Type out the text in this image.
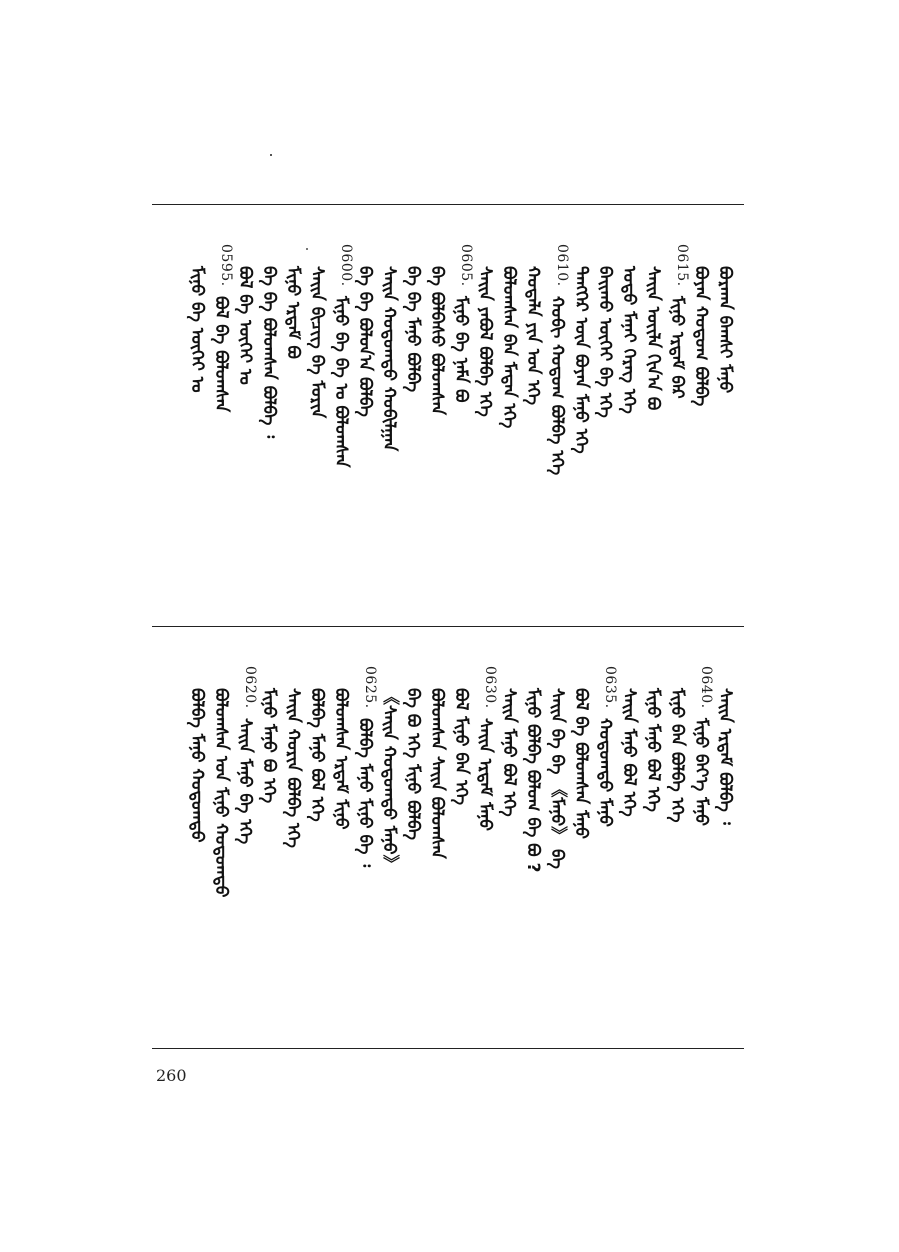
ᠪᠤᠷᠬᠠᠨ ᠪᠠᠭᠰᠢ ᠮᠠᠨᠤ
ᠪᠤᠶᠠᠨ ᠬᠤᠲᠤᠭ ᠪᠣᠯᠪᠠ
0615.
ᠮᠢᠨᠤ ᠡᠷᠳᠡᠮ ᠪᠡᠷ
ᠰᠠᠢᠨ ᠦᠢᠯᠡ ᠬᠢᠨ᠎ᠠ ᠪᠤ
ᠣᠳᠣ ᠮᠠᠨᠠᠢ ᠬᠡᠷᠡᠭ ᠡᠭᠡ
ᠪᠠᠢᠬᠤ ᠦᠭᠡᠢ ᠪᠡ ᠡᠭᠡ
ᠲᠡᠩᠭᠡᠷ ᠦᠨ ᠪᠤᠶᠠᠨ ᠮᠠᠨᠤ ᠡᠭᠡ
0610.
ᠬᠣᠪᠢ ᠬᠤᠲᠤᠭ ᠪᠣᠯᠪᠠ ᠡᠭᠡ
ᠬᠣᠲᠠᠯᠠ ᠶᠢᠨ ᠤᠨ ᠡᠭᠡ
ᠪᠣᠯᠤᠭᠰᠠᠨ ᠪᠠᠨ ᠮᠡᠳᠡᠨ ᠡᠭᠡ
ᠰᠠᠢᠨ ᠶᠠᠪᠤᠯ ᠪᠣᠯᠪᠠ ᠡᠭᠡ
0605.
ᠮᠢᠨᠤ ᠪᠡ ᠨᠠᠮᠠ ᠪᠣ
ᠪᠡ ᠪᠣᠯᠪᠠᠰᠤ ᠪᠣᠯᠤᠭᠰᠠᠨ
ᠪᠡ ᠪᠡ ᠮᠠᠨᠤ ᠪᠣᠯᠪᠠ
ᠰᠠᠢᠨ ᠬᠤᠲᠤᠭᠲᠤ ᠬᠤᠪᠢᠯᠭᠠᠨ
ᠪᠡ ᠪᠡ ᠪᠣᠯᠤᠨ᠎ᠠ ᠪᠣᠯᠪᠠ
0600.
ᠮᠢᠨᠤ ᠪᠡ ᠪᠡ ᠤ ᠪᠣᠯᠤᠭᠰᠠᠨ
ᠰᠠᠢᠨ ᠪᠢᠴᠢᠭ ᠪᠡ ᠮᠣᠷᠢᠨ
ᠮᠢᠨᠤ ᠡᠷᠳᠡᠮ ᠪᠣ
ᠪᠡ ᠪᠡ ᠪᠣᠯᠤᠭᠰᠠᠨ ᠪᠣᠯᠪᠠ ᠄
ᠪᠣᠯ ᠪᠡ ᠦᠭᠡᠢ ᠤ
0595.
ᠪᠣᠯ ᠪᠡ ᠪᠣᠯᠤᠭᠰᠠᠨ
ᠮᠢᠨᠤ ᠪᠡ ᠦᠭᠡᠢ ᠤ
ᠰᠠᠢᠨ ᠡᠷᠳᠡᠮ ᠪᠣᠯᠪᠠ ᠄
0640.
ᠮᠢᠨᠤ ᠪᠡᠶ᠎ᠡ ᠮᠠᠨᠤ
ᠮᠢᠨᠤ ᠪᠡᠨ ᠪᠣᠯᠪᠠ ᠡᠭᠡ
ᠮᠢᠨᠤ ᠮᠠᠨᠤ ᠪᠣᠯ ᠡᠭᠡ
ᠰᠠᠢᠨ ᠮᠠᠨᠤ ᠪᠣᠯ ᠡᠭᠡ
0635.
ᠬᠤᠲᠤᠭᠲᠤ ᠮᠠᠨᠤ
ᠪᠣᠯ ᠪᠡ ᠪᠣᠯᠤᠭᠰᠠᠨ ᠮᠠᠨᠤ
ᠰᠠᠢᠨ ᠪᠡ ᠪᠡ 《ᠮᠠᠨᠤ》 ᠪᠡ
ᠮᠢᠨᠤ ᠪᠣᠯᠪᠠ ᠪᠣᠯᠤᠭ ᠪᠡ ᠪᠣ ?
ᠰᠠᠢᠨ ᠮᠠᠨᠤ ᠪᠣᠯ ᠡᠭᠡ
0630.
ᠰᠠᠢᠨ ᠡᠷᠳᠡᠮ ᠮᠠᠨᠤ
ᠪᠣᠯ ᠮᠢᠨᠤ ᠪᠡᠨ ᠡᠭᠡ
ᠪᠣᠯᠤᠭᠰᠠᠨ ᠰᠠᠢᠨ ᠪᠣᠯᠤᠭᠰᠠᠨ
ᠪᠡ ᠪᠣ ᠡᠭᠡ ᠮᠢᠨᠤ ᠪᠣᠯᠪᠠ
《ᠰᠠᠢᠨ ᠬᠤᠲᠤᠭᠲᠤ ᠮᠠᠨᠤ》
0625.
ᠪᠣᠯᠪᠠ ᠮᠠᠨᠤ ᠮᠢᠨᠤ ᠪᠡ ᠄
ᠪᠣᠯᠤᠭᠰᠠᠨ ᠡᠷᠳᠡᠮ ᠮᠢᠨᠤ
ᠪᠣᠯᠪᠠ ᠮᠠᠨᠤ ᠪᠣᠯ ᠡᠭᠡ
ᠰᠠᠢᠨ ᠬᠣᠷᠢᠨ ᠪᠣᠯᠪᠠ ᠡᠭᠡ
ᠮᠢᠨᠤ ᠮᠠᠨᠤ ᠪᠣ ᠡᠭᠡ
0620.
ᠰᠠᠢᠨ ᠮᠠᠨᠤ ᠪᠡ ᠡᠭᠡ
ᠪᠣᠯᠤᠭᠰᠠᠨ ᠤᠨ ᠮᠢᠨᠤ ᠬᠤᠲᠤᠭᠲᠤ
ᠪᠣᠯᠪᠠ ᠮᠠᠨᠤ ᠬᠤᠲᠤᠭᠲᠤ
260
